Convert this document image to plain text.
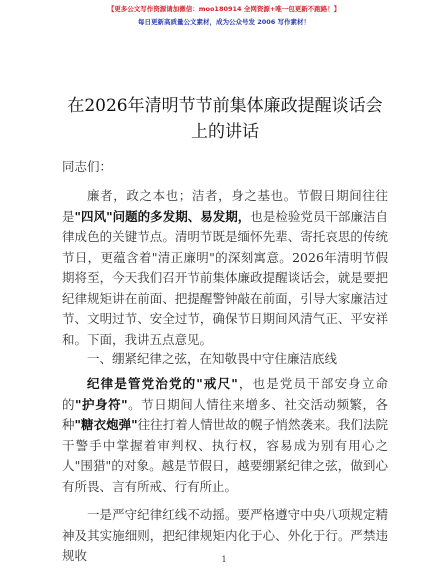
【更多公文写作资源请加微信：moo180914 全网资源+唯一包更新不跑路！】
每日更新高质量公文素材，成为公众号发 2006 写作素材！
在2026年清明节节前集体廉政提醒谈话会上的讲话
同志们：
廉者，政之本也；洁者，身之基也。节假日期间往往是"四风"问题的多发期、易发期，也是检验党员干部廉洁自律成色的关键节点。清明节既是缅怀先辈、寄托哀思的传统节日，更蕴含着"清正廉明"的深刻寓意。2026年清明节假期将至，今天我们召开节前集体廉政提醒谈话会，就是要把纪律规矩讲在前面、把提醒警钟敲在前面，引导大家廉洁过节、文明过节、安全过节，确保节日期间风清气正、平安祥和。下面，我讲五点意见。
一、绷紧纪律之弦，在知敬畏中守住廉洁底线
纪律是管党治党的"戒尺"，也是党员干部安身立命的"护身符"。节日期间人情往来增多、社交活动频繁，各种"糖衣炮弹"往往打着人情世故的幌子悄然袭来。我们法院干警手中掌握着审判权、执行权，容易成为别有用心之人"围猎"的对象。越是节假日，越要绷紧纪律之弦，做到心有所畏、言有所戒、行有所止。
一是严守纪律红线不动摇。要严格遵守中央八项规定精神及其实施细则，把纪律规矩内化于心、外化于行。严禁违规收	1
